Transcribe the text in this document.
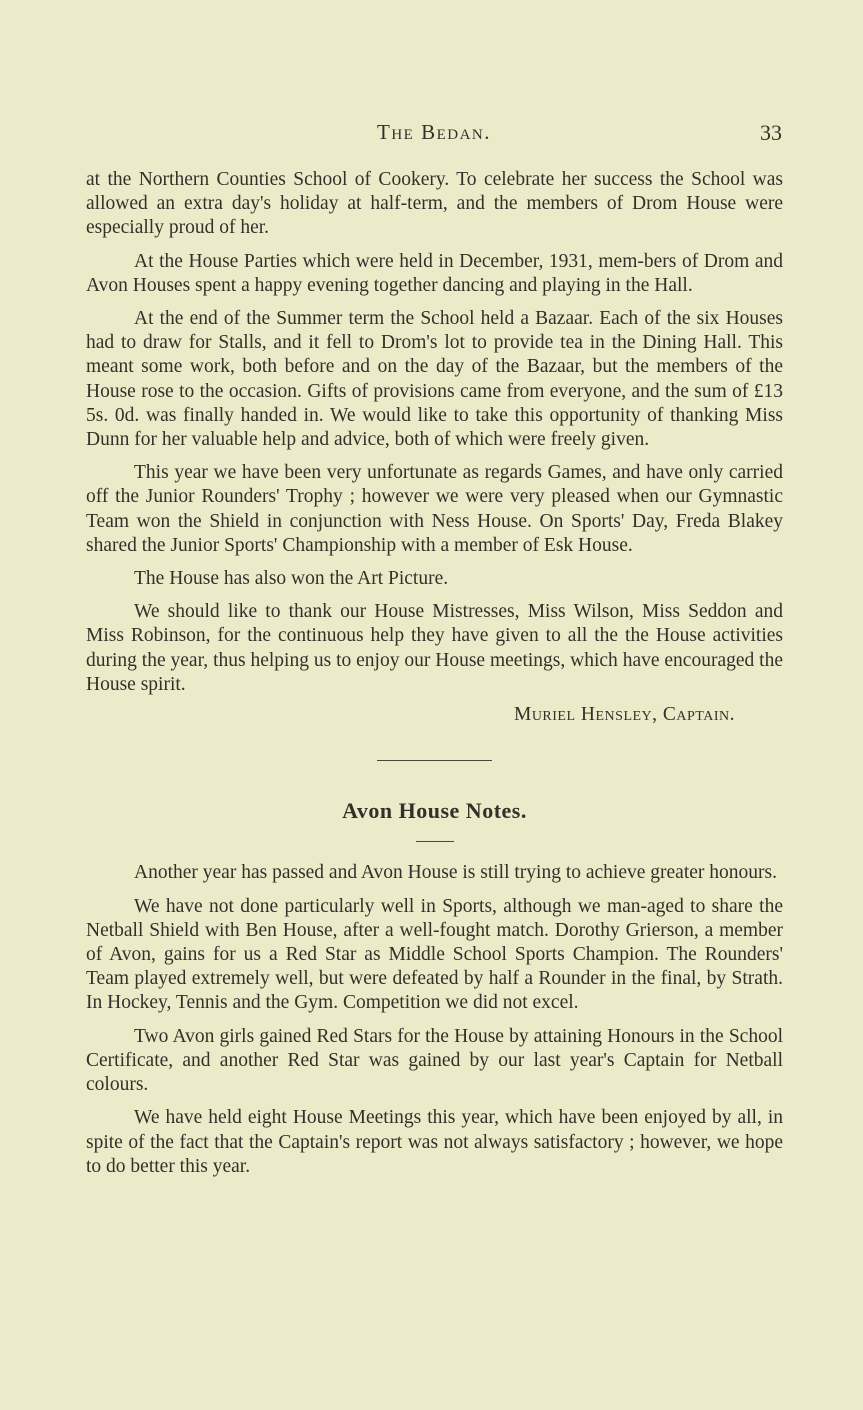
The Bedan.	33

at the Northern Counties School of Cookery. To celebrate her success the School was allowed an extra day's holiday at half-term, and the members of Drom House were especially proud of her.

At the House Parties which were held in December, 1931, mem-bers of Drom and Avon Houses spent a happy evening together dancing and playing in the Hall.

At the end of the Summer term the School held a Bazaar. Each of the six Houses had to draw for Stalls, and it fell to Drom's lot to provide tea in the Dining Hall. This meant some work, both before and on the day of the Bazaar, but the members of the House rose to the occasion. Gifts of provisions came from everyone, and the sum of £13 5s. 0d. was finally handed in. We would like to take this opportunity of thanking Miss Dunn for her valuable help and advice, both of which were freely given.

This year we have been very unfortunate as regards Games, and have only carried off the Junior Rounders' Trophy ; however we were very pleased when our Gymnastic Team won the Shield in conjunction with Ness House. On Sports' Day, Freda Blakey shared the Junior Sports' Championship with a member of Esk House.

The House has also won the Art Picture.

We should like to thank our House Mistresses, Miss Wilson, Miss Seddon and Miss Robinson, for the continuous help they have given to all the the House activities during the year, thus helping us to enjoy our House meetings, which have encouraged the House spirit.

Muriel Hensley, Captain.
Avon House Notes.

Another year has passed and Avon House is still trying to achieve greater honours.

We have not done particularly well in Sports, although we man-aged to share the Netball Shield with Ben House, after a well-fought match. Dorothy Grierson, a member of Avon, gains for us a Red Star as Middle School Sports Champion. The Rounders' Team played extremely well, but were defeated by half a Rounder in the final, by Strath. In Hockey, Tennis and the Gym. Competition we did not excel.

Two Avon girls gained Red Stars for the House by attaining Honours in the School Certificate, and another Red Star was gained by our last year's Captain for Netball colours.

We have held eight House Meetings this year, which have been enjoyed by all, in spite of the fact that the Captain's report was not always satisfactory ; however, we hope to do better this year.
